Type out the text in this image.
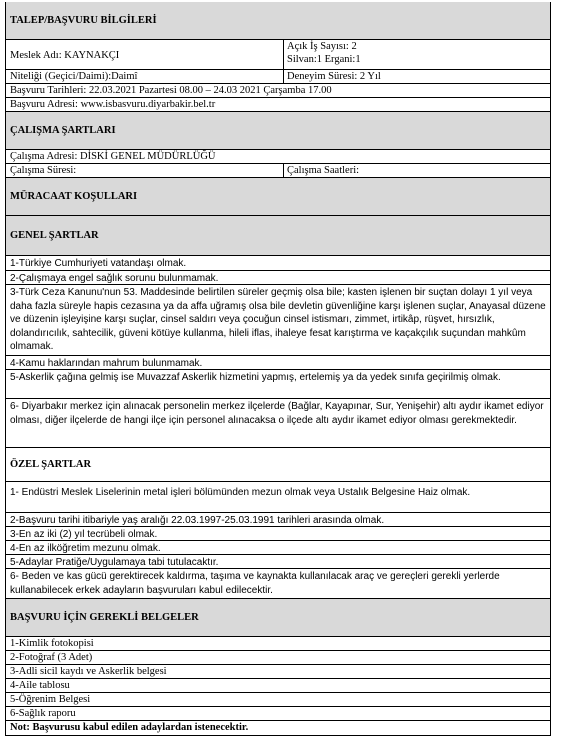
TALEP/BAŞVURU BİLGİLERİ
Meslek Adı: KAYNAKÇI
Açık İş Sayısı: 2
Silvan:1 Ergani:1
Niteliği (Geçici/Daimi):Daimî	Deneyim Süresi: 2 Yıl
Başvuru Tarihleri: 22.03.2021 Pazartesi 08.00 – 24.03 2021 Çarşamba 17.00
Başvuru Adresi: www.isbasvuru.diyarbakir.bel.tr
ÇALIŞMA ŞARTLARI
Çalışma Adresi: DİSKİ GENEL MÜDÜRLÜĞÜ
Çalışma Süresi:	Çalışma Saatleri:
MÜRACAAT KOŞULLARI
GENEL ŞARTLAR
1-Türkiye Cumhuriyeti vatandaşı olmak.
2-Çalışmaya engel sağlık sorunu bulunmamak.
3-Türk Ceza Kanunu'nun 53. Maddesinde belirtilen süreler geçmiş olsa bile; kasten işlenen bir suçtan dolayı 1 yıl veya daha fazla süreyle hapis cezasına ya da affa uğramış olsa bile devletin güvenliğine karşı işlenen suçlar, Anayasal düzene ve düzenin işleyişine karşı suçlar, cinsel saldırı veya çocuğun cinsel istismarı, zimmet, irtikâp, rüşvet, hırsızlık, dolandırıcılık, sahtecilik, güveni kötüye kullanma, hileli iflas, ihaleye fesat karıştırma ve kaçakçılık suçundan mahkûm olmamak.
4-Kamu haklarından mahrum bulunmamak.
5-Askerlik çağına gelmiş ise Muvazzaf Askerlik hizmetini yapmış, ertelemiş ya da yedek sınıfa geçirilmiş olmak.
6- Diyarbakır merkez için alınacak personelin merkez ilçelerde (Bağlar, Kayapınar, Sur, Yenişehir) altı aydır ikamet ediyor olması, diğer ilçelerde de hangi ilçe için personel alınacaksa o ilçede altı aydır ikamet ediyor olması gerekmektedir.
ÖZEL ŞARTLAR
1- Endüstri Meslek Liselerinin metal işleri bölümünden mezun olmak veya Ustalık Belgesine Haiz olmak.
2-Başvuru tarihi itibariyle yaş aralığı 22.03.1997-25.03.1991 tarihleri arasında olmak.
3-En az iki (2) yıl tecrübeli olmak.
4-En az ilköğretim mezunu olmak.
5-Adaylar Pratiğe/Uygulamaya tabi tutulacaktır.
6- Beden ve kas gücü gerektirecek kaldırma, taşıma ve kaynakta kullanılacak araç ve gereçleri gerekli yerlerde kullanabilecek erkek adayların başvuruları kabul edilecektir.
BAŞVURU İÇİN GEREKLİ BELGELER
1-Kimlik fotokopisi
2-Fotoğraf (3 Adet)
3-Adli sicil kaydı ve Askerlik belgesi
4-Aile tablosu
5-Öğrenim Belgesi
6-Sağlık raporu
Not: Başvurusu kabul edilen adaylardan istenecektir.
